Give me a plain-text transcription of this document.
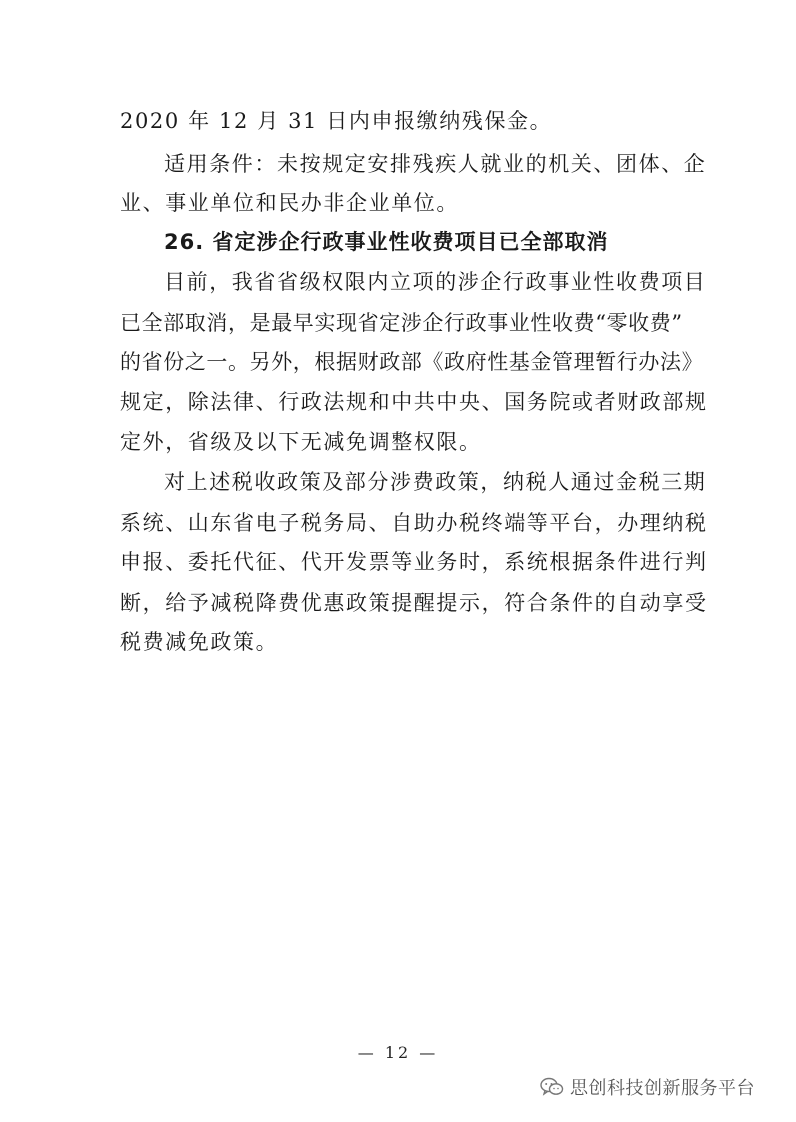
2020 年 12 月 31 日内申报缴纳残保金。
适用条件：未按规定安排残疾人就业的机关、团体、企
业、事业单位和民办非企业单位。
26. 省定涉企行政事业性收费项目已全部取消
目前，我省省级权限内立项的涉企行政事业性收费项目
已全部取消，是最早实现省定涉企行政事业性收费“零收费”
的省份之一。另外，根据财政部《政府性基金管理暂行办法》
规定，除法律、行政法规和中共中央、国务院或者财政部规
定外，省级及以下无减免调整权限。
对上述税收政策及部分涉费政策，纳税人通过金税三期
系统、山东省电子税务局、自助办税终端等平台，办理纳税
申报、委托代征、代开发票等业务时，系统根据条件进行判
断，给予减税降费优惠政策提醒提示，符合条件的自动享受
税费减免政策。
— 12 —
思创科技创新服务平台
